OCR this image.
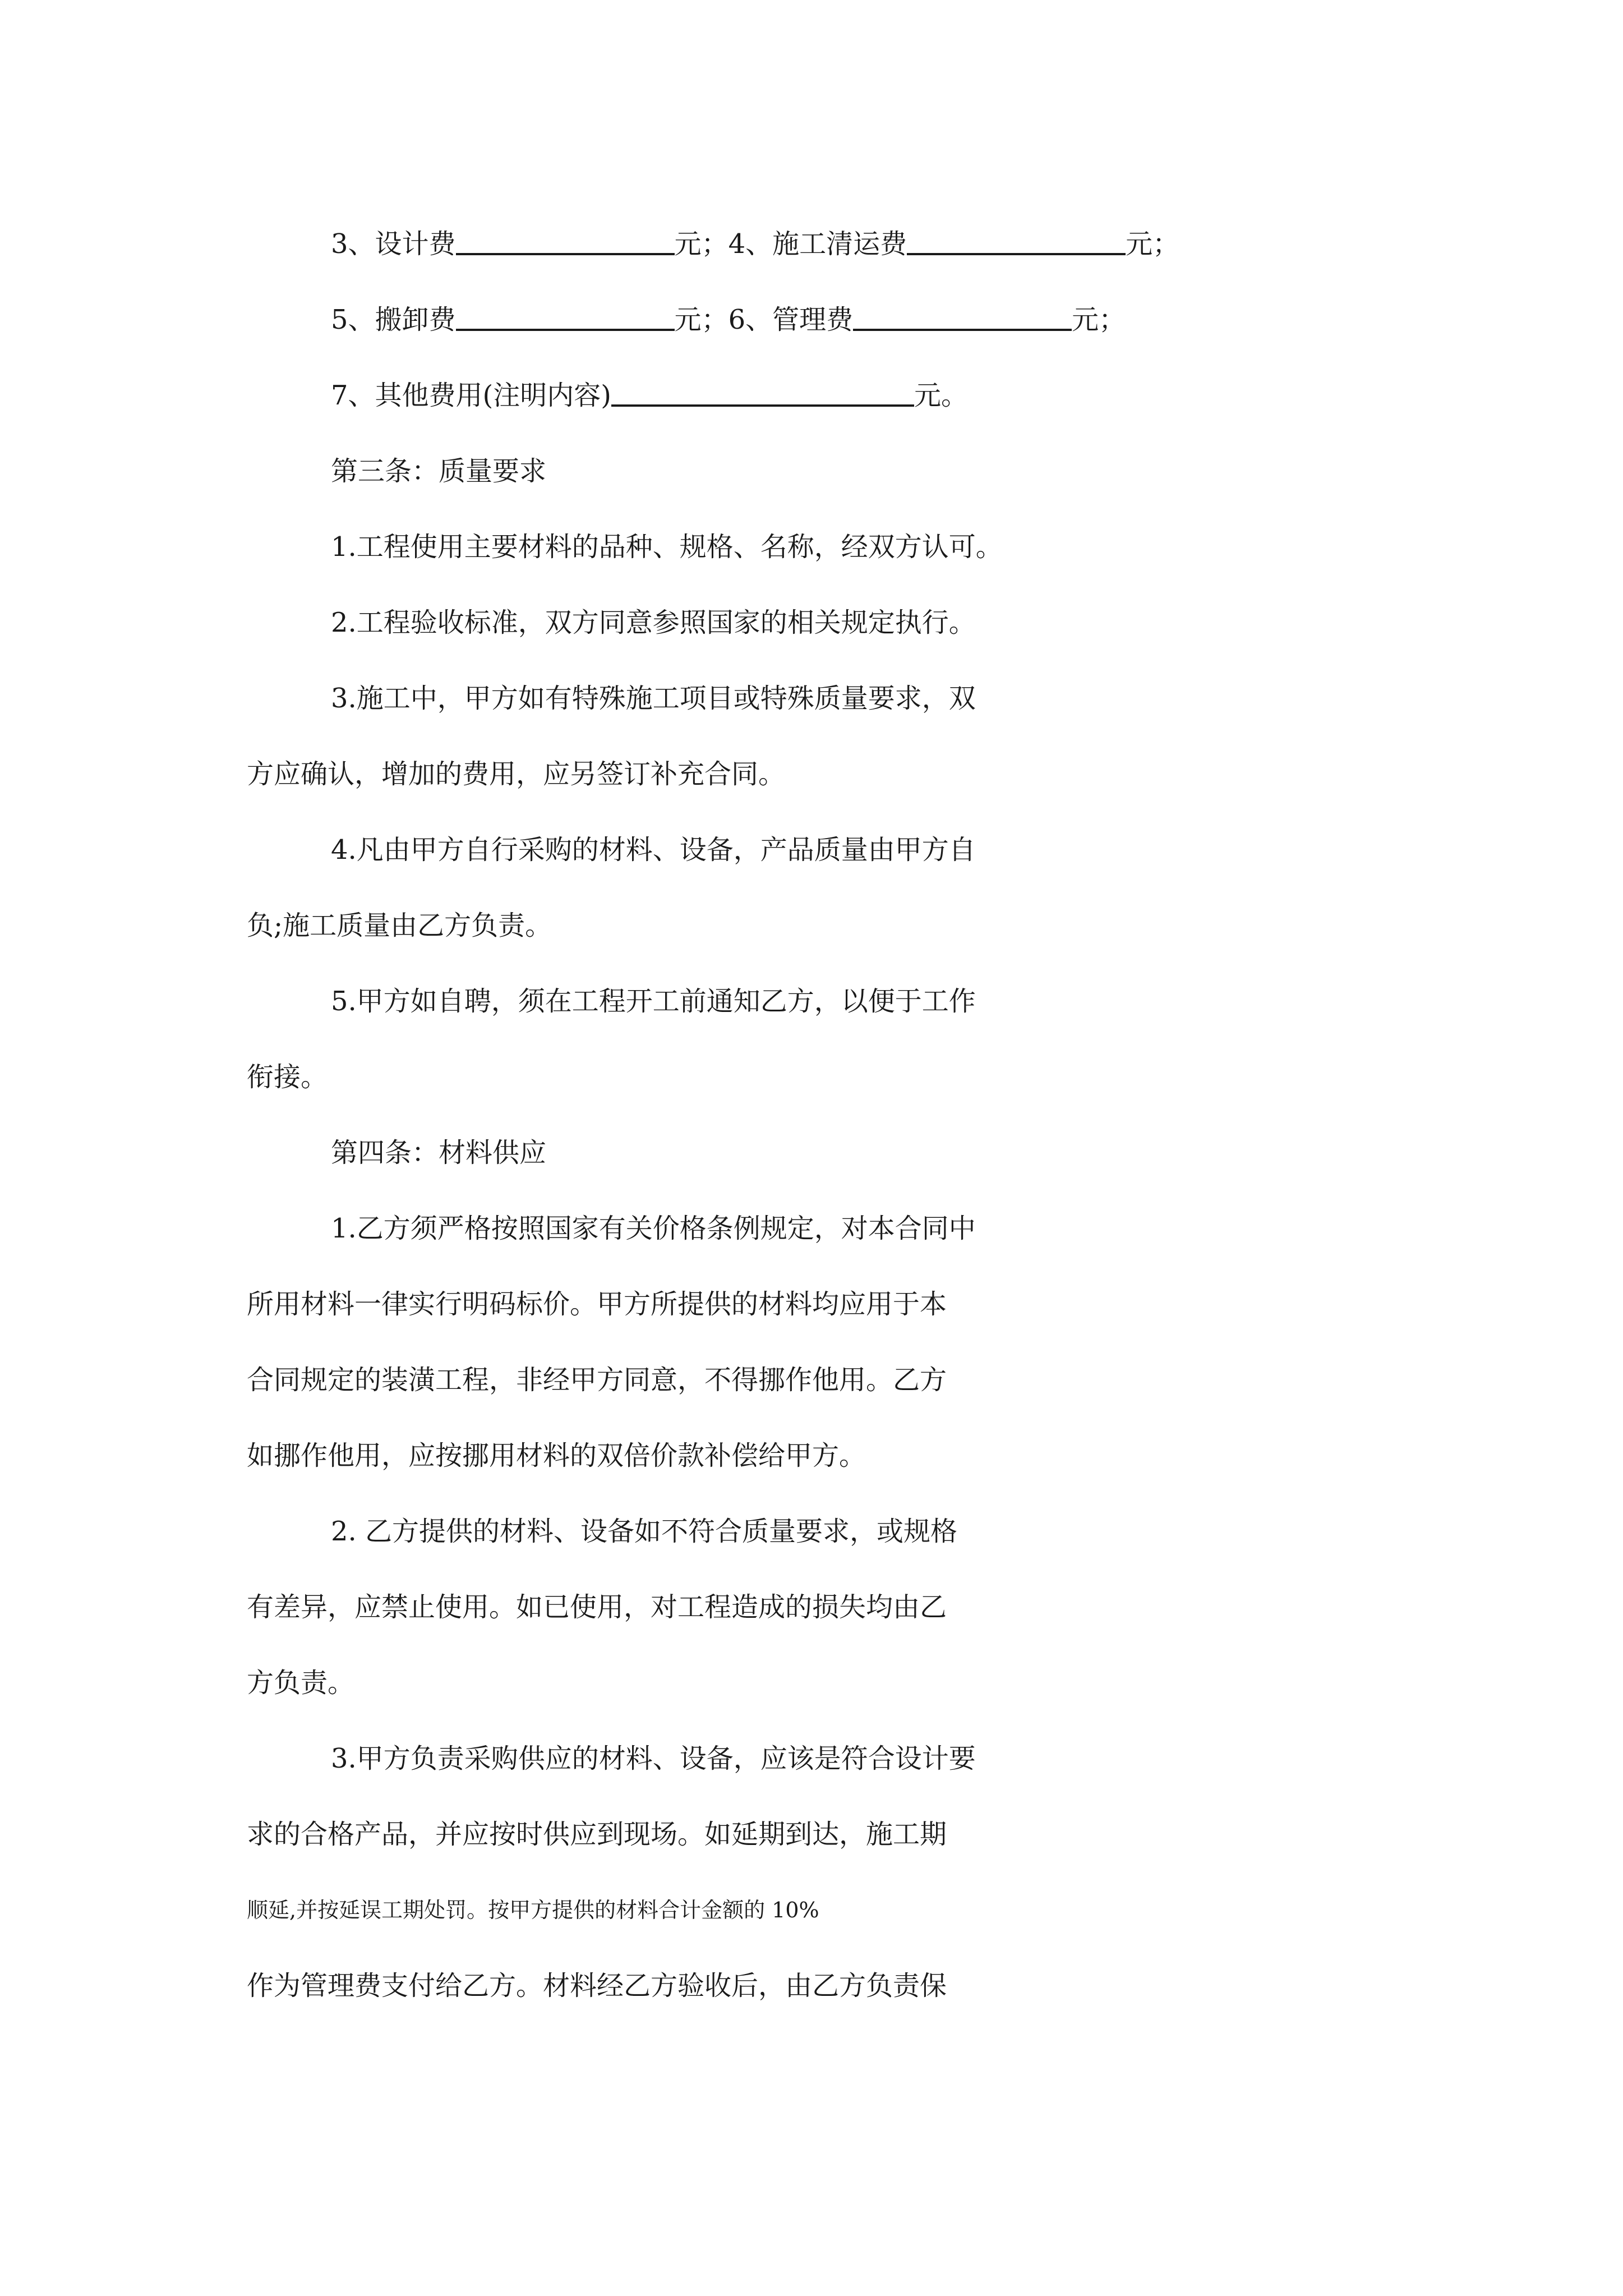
3、设计费	元；4、施工清运费	元；
5、搬卸费	元；6、管理费	元；
7、其他费用(注明内容)	元。
第三条：质量要求
1.工程使用主要材料的品种、规格、名称，经双方认可。
2.工程验收标准，双方同意参照国家的相关规定执行。
3.施工中，甲方如有特殊施工项目或特殊质量要求，双
方应确认，增加的费用，应另签订补充合同。
4.凡由甲方自行采购的材料、设备，产品质量由甲方自
负;施工质量由乙方负责。
5.甲方如自聘，须在工程开工前通知乙方，以便于工作
衔接。
第四条：材料供应
1.乙方须严格按照国家有关价格条例规定，对本合同中
所用材料一律实行明码标价。甲方所提供的材料均应用于本
合同规定的装潢工程，非经甲方同意，不得挪作他用。乙方
如挪作他用，应按挪用材料的双倍价款补偿给甲方。
2. 乙方提供的材料、设备如不符合质量要求，或规格
有差异，应禁止使用。如已使用，对工程造成的损失均由乙
方负责。
3.甲方负责采购供应的材料、设备，应该是符合设计要
求的合格产品，并应按时供应到现场。如延期到达，施工期
顺延,并按延误工期处罚。按甲方提供的材料合计金额的 10%
作为管理费支付给乙方。材料经乙方验收后，由乙方负责保
